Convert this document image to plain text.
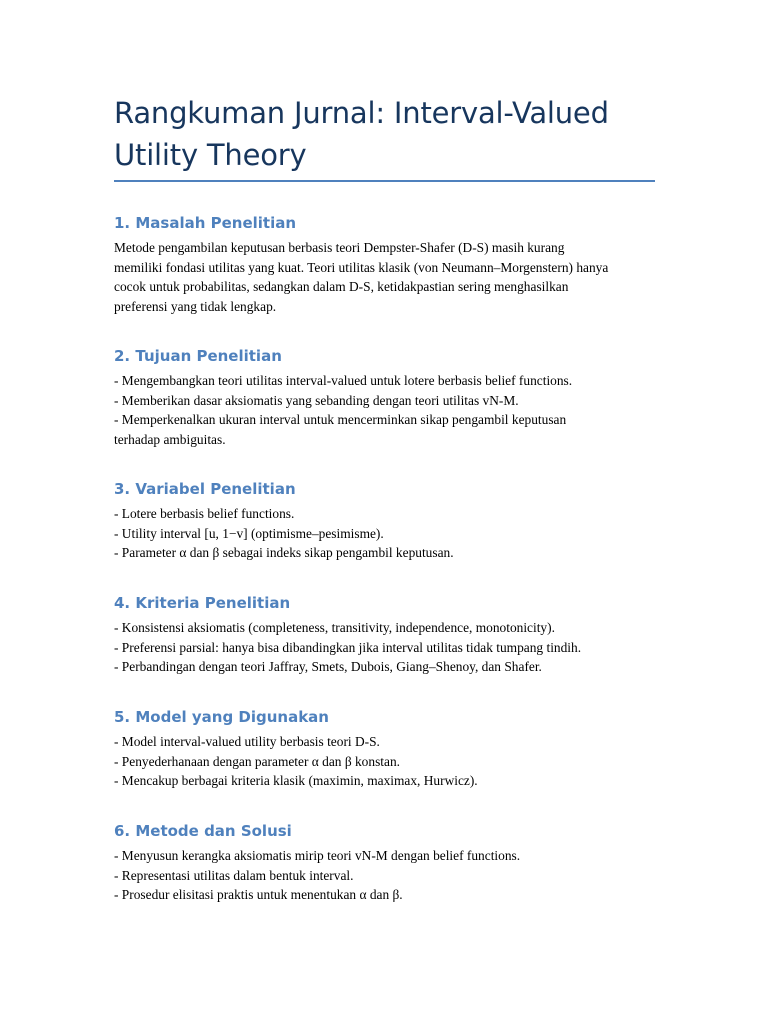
Rangkuman Jurnal: Interval-Valued
Utility Theory
1. Masalah Penelitian

Metode pengambilan keputusan berbasis teori Dempster-Shafer (D-S) masih kurang
memiliki fondasi utilitas yang kuat. Teori utilitas klasik (von Neumann–Morgenstern) hanya
cocok untuk probabilitas, sedangkan dalam D-S, ketidakpastian sering menghasilkan
preferensi yang tidak lengkap.

2. Tujuan Penelitian

- Mengembangkan teori utilitas interval-valued untuk lotere berbasis belief functions.
- Memberikan dasar aksiomatis yang sebanding dengan teori utilitas vN-M.
- Memperkenalkan ukuran interval untuk mencerminkan sikap pengambil keputusan
terhadap ambiguitas.

3. Variabel Penelitian

- Lotere berbasis belief functions.
- Utility interval [u, 1−v] (optimisme–pesimisme).
- Parameter α dan β sebagai indeks sikap pengambil keputusan.

4. Kriteria Penelitian

- Konsistensi aksiomatis (completeness, transitivity, independence, monotonicity).
- Preferensi parsial: hanya bisa dibandingkan jika interval utilitas tidak tumpang tindih.
- Perbandingan dengan teori Jaffray, Smets, Dubois, Giang–Shenoy, dan Shafer.

5. Model yang Digunakan

- Model interval-valued utility berbasis teori D-S.
- Penyederhanaan dengan parameter α dan β konstan.
- Mencakup berbagai kriteria klasik (maximin, maximax, Hurwicz).

6. Metode dan Solusi

- Menyusun kerangka aksiomatis mirip teori vN-M dengan belief functions.
- Representasi utilitas dalam bentuk interval.
- Prosedur elisitasi praktis untuk menentukan α dan β.
